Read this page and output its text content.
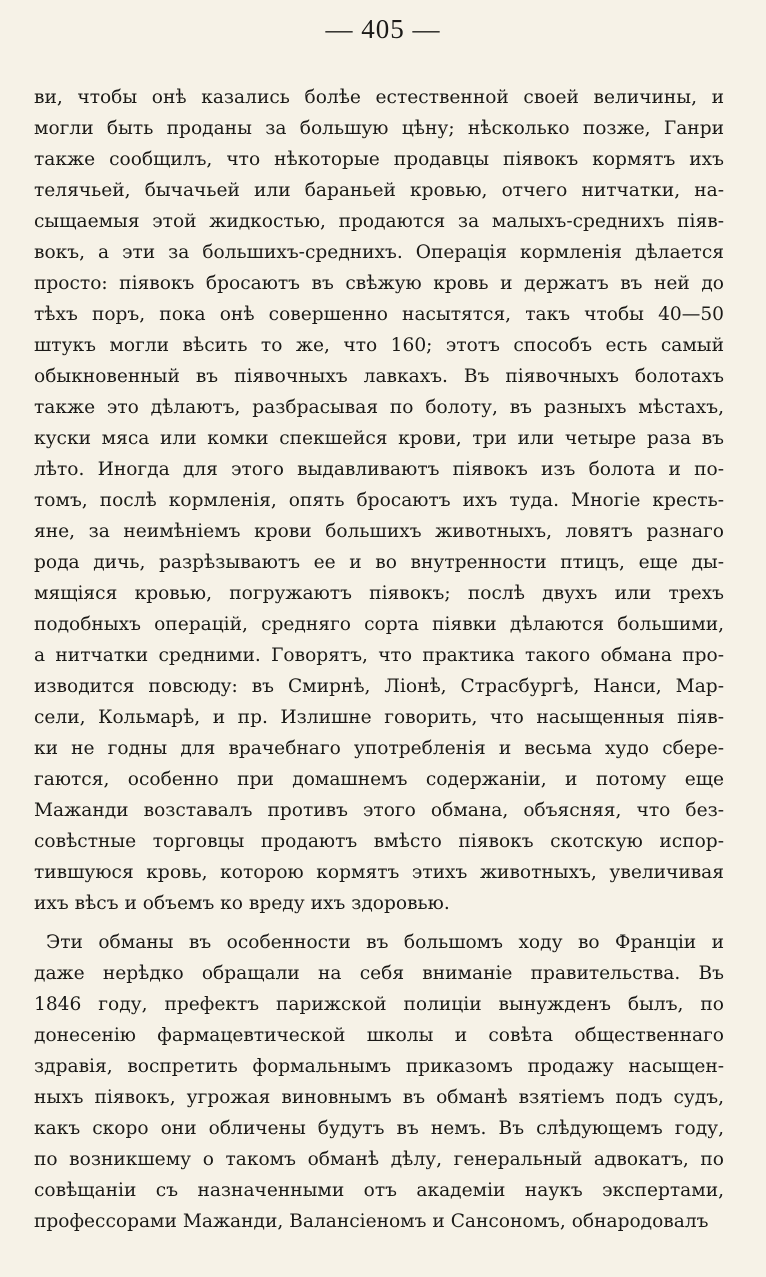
— 405 —
ви, чтобы онѣ казались болѣе естественной своей величины, и
могли быть проданы за большую цѣну; нѣсколько позже, Ганри
также сообщилъ, что нѣкоторые продавцы піявокъ кормятъ ихъ
телячьей, бычачьей или бараньей кровью, отчего нитчатки, на-
сыщаемыя этой жидкостью, продаются за малыхъ-среднихъ піяв-
вокъ, а эти за большихъ-среднихъ. Операція кормленія дѣлается
просто: піявокъ бросаютъ въ свѣжую кровь и держатъ въ ней до
тѣхъ поръ, пока онѣ совершенно насытятся, такъ чтобы 40—50
штукъ могли вѣсить то же, что 160; этотъ способъ есть самый
обыкновенный въ піявочныхъ лавкахъ. Въ піявочныхъ болотахъ
также это дѣлаютъ, разбрасывая по болоту, въ разныхъ мѣстахъ,
куски мяса или комки спекшейся крови, три или четыре раза въ
лѣто. Иногда для этого выдавливаютъ піявокъ изъ болота и по-
томъ, послѣ кормленія, опять бросаютъ ихъ туда. Многіе кресть-
яне, за неимѣніемъ крови большихъ животныхъ, ловятъ разнаго
рода дичь, разрѣзываютъ ее и во внутренности птицъ, еще ды-
мящіяся кровью, погружаютъ піявокъ; послѣ двухъ или трехъ
подобныхъ операцій, средняго сорта піявки дѣлаются большими,
а нитчатки средними. Говорятъ, что практика такого обмана про-
изводится повсюду: въ Смирнѣ, Ліонѣ, Страсбургѣ, Нанси, Мар-
сели, Кольмарѣ, и пр. Излишне говорить, что насыщенныя піяв-
ки не годны для врачебнаго употребленія и весьма худо сбере-
гаются, особенно при домашнемъ содержаніи, и потому еще
Мажанди возставалъ противъ этого обмана, объясняя, что без-
совѣстные торговцы продаютъ вмѣсто піявокъ скотскую испор-
тившуюся кровь, которою кормятъ этихъ животныхъ, увеличивая
ихъ вѣсъ и объемъ ко вреду ихъ здоровью.
Эти обманы въ особенности въ большомъ ходу во Франціи и
даже нерѣдко обращали на себя вниманіе правительства. Въ
1846 году, префектъ парижской полиціи вынужденъ былъ, по
донесенію фармацевтической школы и совѣта общественнаго
здравія, воспретить формальнымъ приказомъ продажу насыщен-
ныхъ піявокъ, угрожая виновнымъ въ обманѣ взятіемъ подъ судъ,
какъ скоро они обличены будутъ въ немъ. Въ слѣдующемъ году,
по возникшему о такомъ обманѣ дѣлу, генеральный адвокатъ, по
совѣщаніи съ назначенными отъ академіи наукъ экспертами,
профессорами Мажанди, Валансіеномъ и Сансономъ, обнародовалъ
